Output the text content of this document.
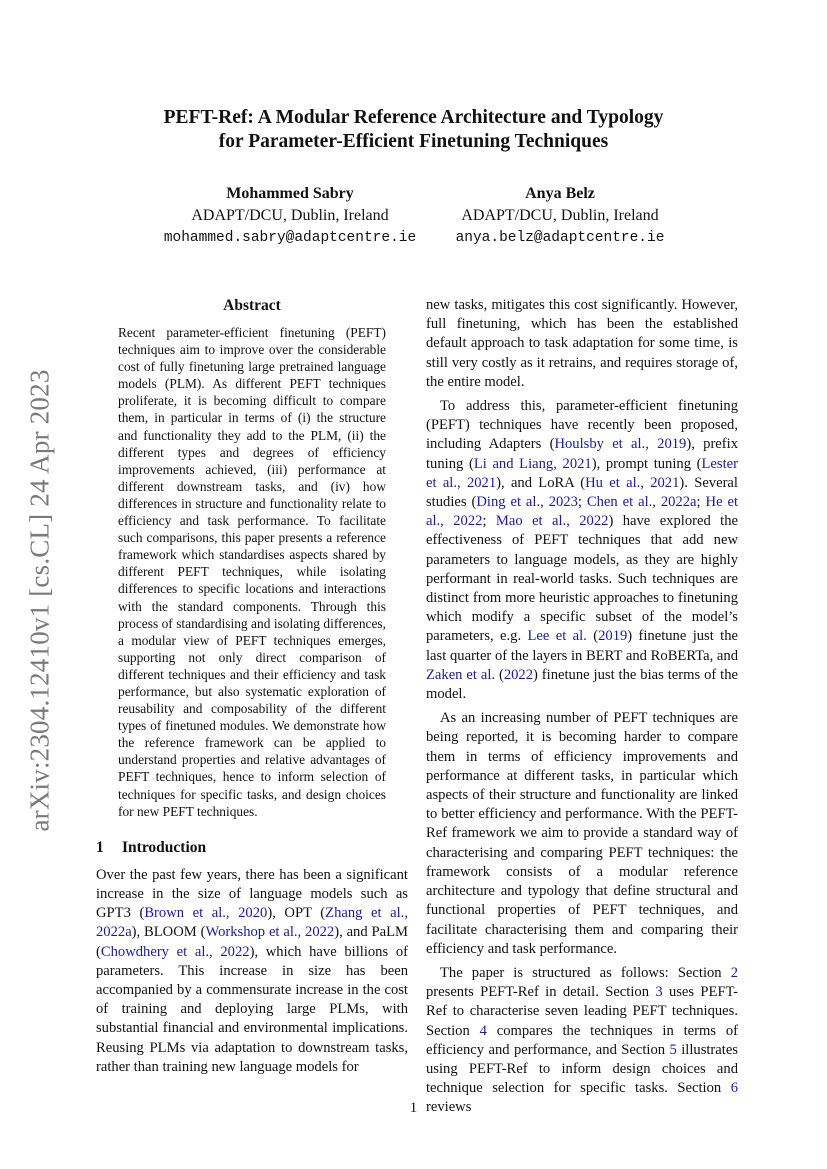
arXiv:2304.12410v1 [cs.CL] 24 Apr 2023
PEFT-Ref: A Modular Reference Architecture and Typology
for Parameter-Efficient Finetuning Techniques
Mohammed Sabry
ADAPT/DCU, Dublin, Ireland
mohammed.sabry@adaptcentre.ie
Anya Belz
ADAPT/DCU, Dublin, Ireland
anya.belz@adaptcentre.ie
Abstract

Recent parameter-efficient finetuning (PEFT) techniques aim to improve over the considerable cost of fully finetuning large pretrained language models (PLM). As different PEFT techniques proliferate, it is becoming difficult to compare them, in particular in terms of (i) the structure and functionality they add to the PLM, (ii) the different types and degrees of efficiency improvements achieved, (iii) performance at different downstream tasks, and (iv) how differences in structure and functionality relate to efficiency and task performance. To facilitate such comparisons, this paper presents a reference framework which standardises aspects shared by different PEFT techniques, while isolating differences to specific locations and interactions with the standard components. Through this process of standardising and isolating differences, a modular view of PEFT techniques emerges, supporting not only direct comparison of different techniques and their efficiency and task performance, but also systematic exploration of reusability and composability of the different types of finetuned modules. We demonstrate how the reference framework can be applied to understand properties and relative advantages of PEFT techniques, hence to inform selection of techniques for specific tasks, and design choices for new PEFT techniques.

1 Introduction

Over the past few years, there has been a significant increase in the size of language models such as GPT3 (Brown et al., 2020), OPT (Zhang et al., 2022a), BLOOM (Workshop et al., 2022), and PaLM (Chowdhery et al., 2022), which have billions of parameters. This increase in size has been accompanied by a commensurate increase in the cost of training and deploying large PLMs, with substantial financial and environmental implications. Reusing PLMs via adaptation to downstream tasks, rather than training new language models for

new tasks, mitigates this cost significantly. However, full finetuning, which has been the established default approach to task adaptation for some time, is still very costly as it retrains, and requires storage of, the entire model.

To address this, parameter-efficient finetuning (PEFT) techniques have recently been proposed, including Adapters (Houlsby et al., 2019), prefix tuning (Li and Liang, 2021), prompt tuning (Lester et al., 2021), and LoRA (Hu et al., 2021). Several studies (Ding et al., 2023; Chen et al., 2022a; He et al., 2022; Mao et al., 2022) have explored the effectiveness of PEFT techniques that add new parameters to language models, as they are highly performant in real-world tasks. Such techniques are distinct from more heuristic approaches to finetuning which modify a specific subset of the model’s parameters, e.g. Lee et al. (2019) finetune just the last quarter of the layers in BERT and RoBERTa, and Zaken et al. (2022) finetune just the bias terms of the model.

As an increasing number of PEFT techniques are being reported, it is becoming harder to compare them in terms of efficiency improvements and performance at different tasks, in particular which aspects of their structure and functionality are linked to better efficiency and performance. With the PEFT-Ref framework we aim to provide a standard way of characterising and comparing PEFT techniques: the framework consists of a modular reference architecture and typology that define structural and functional properties of PEFT techniques, and facilitate characterising them and comparing their efficiency and task performance.

The paper is structured as follows: Section 2 presents PEFT-Ref in detail. Section 3 uses PEFT-Ref to characterise seven leading PEFT techniques. Section 4 compares the techniques in terms of efficiency and performance, and Section 5 illustrates using PEFT-Ref to inform design choices and technique selection for specific tasks. Section 6 reviews

1
